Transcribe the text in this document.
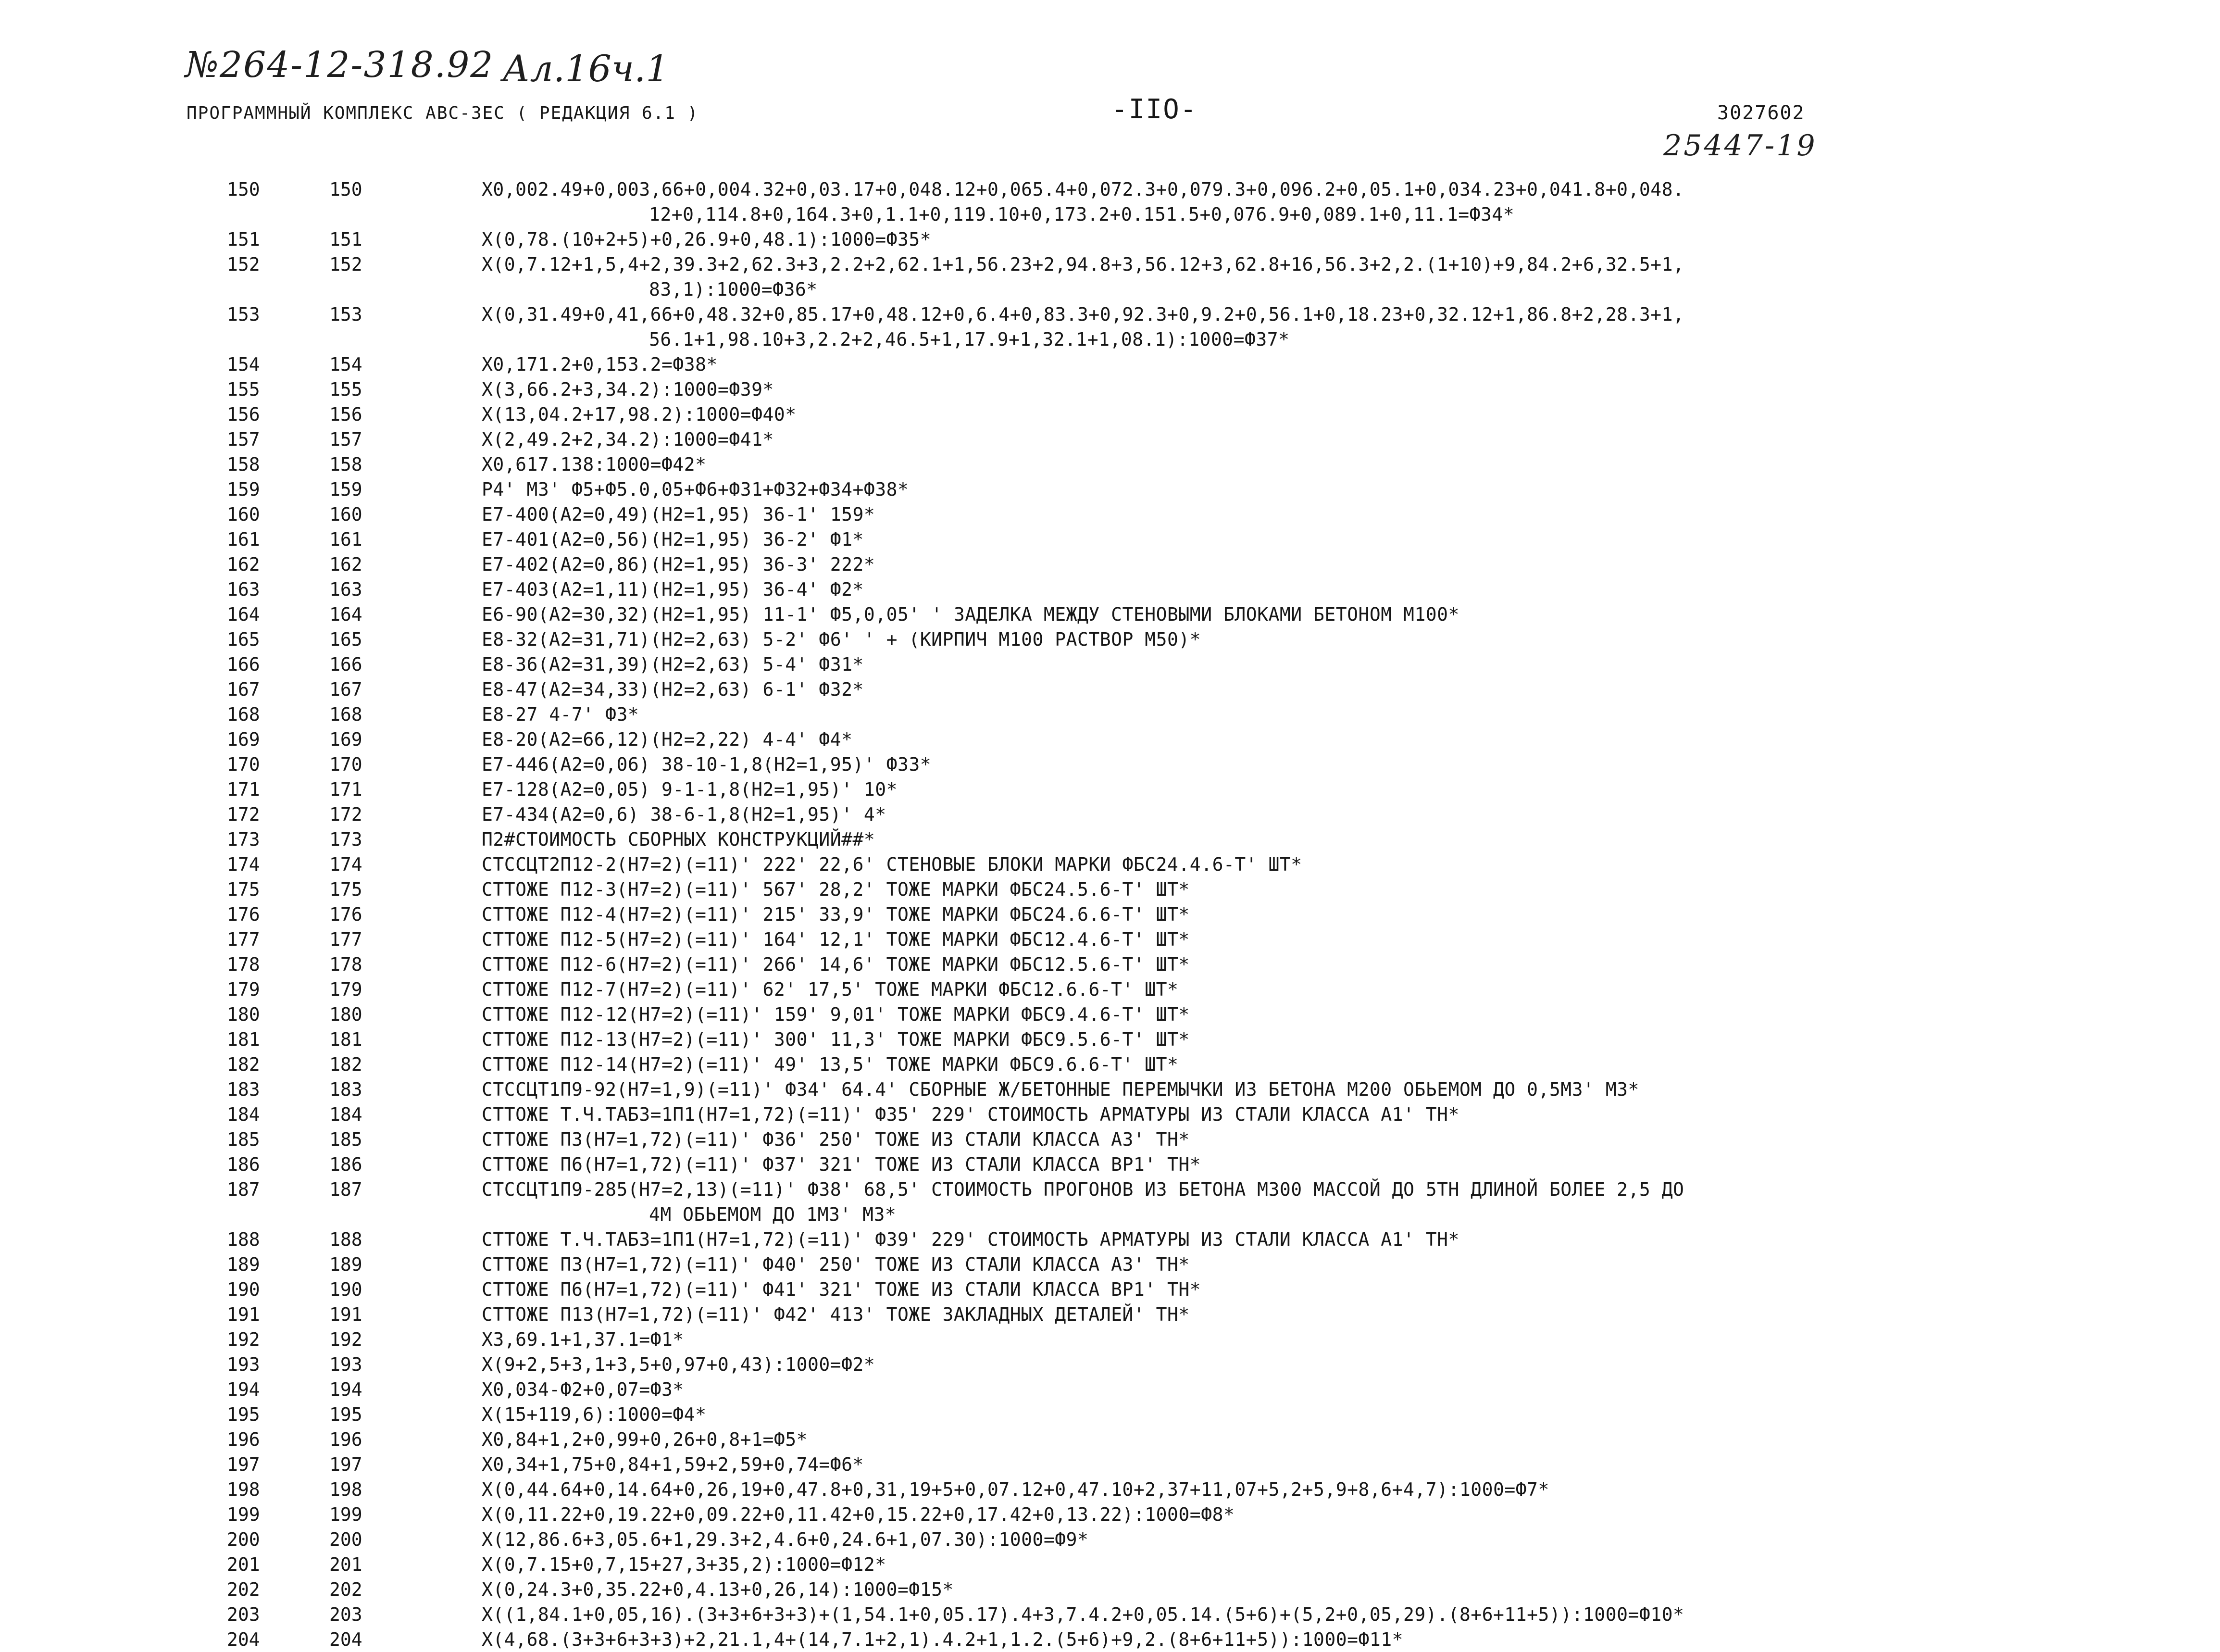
№264-12-318.92 Ал.16ч.1
25447-19
ПРОГРАММНЫЙ КОМПЛЕКС АВС-3ЕС ( РЕДАКЦИЯ 6.1 )	-IIO-	3027602
150	150	Х0,002.49+0,003,66+0,004.32+0,03.17+0,048.12+0,065.4+0,072.3+0,079.3+0,096.2+0,05.1+0,034.23+0,041.8+0,048.
12+0,114.8+0,164.3+0,1.1+0,119.10+0,173.2+0.151.5+0,076.9+0,089.1+0,11.1=Ф34*
151	151	Х(0,78.(10+2+5)+0,26.9+0,48.1):1000=Ф35*
152	152	Х(0,7.12+1,5,4+2,39.3+2,62.3+3,2.2+2,62.1+1,56.23+2,94.8+3,56.12+3,62.8+16,56.3+2,2.(1+10)+9,84.2+6,32.5+1,
83,1):1000=Ф36*
153	153	Х(0,31.49+0,41,66+0,48.32+0,85.17+0,48.12+0,6.4+0,83.3+0,92.3+0,9.2+0,56.1+0,18.23+0,32.12+1,86.8+2,28.3+1,
56.1+1,98.10+3,2.2+2,46.5+1,17.9+1,32.1+1,08.1):1000=Ф37*
154	154	Х0,171.2+0,153.2=Ф38*
155	155	Х(3,66.2+3,34.2):1000=Ф39*
156	156	Х(13,04.2+17,98.2):1000=Ф40*
157	157	Х(2,49.2+2,34.2):1000=Ф41*
158	158	Х0,617.138:1000=Ф42*
159	159	Р4' М3' Ф5+Ф5.0,05+Ф6+Ф31+Ф32+Ф34+Ф38*
160	160	Е7-400(А2=0,49)(Н2=1,95) 36-1' 159*
161	161	Е7-401(А2=0,56)(Н2=1,95) 36-2' Ф1*
162	162	Е7-402(А2=0,86)(Н2=1,95) 36-3' 222*
163	163	Е7-403(А2=1,11)(Н2=1,95) 36-4' Ф2*
164	164	Е6-90(А2=30,32)(Н2=1,95) 11-1' Ф5,0,05' ' ЗАДЕЛКА МЕЖДУ СТЕНОВЫМИ БЛОКАМИ БЕТОНОМ М100*
165	165	Е8-32(А2=31,71)(Н2=2,63) 5-2' Ф6' ' + (КИРПИЧ М100 РАСТВОР М50)*
166	166	Е8-36(А2=31,39)(Н2=2,63) 5-4' Ф31*
167	167	Е8-47(А2=34,33)(Н2=2,63) 6-1' Ф32*
168	168	Е8-27 4-7' Ф3*
169	169	Е8-20(А2=66,12)(Н2=2,22) 4-4' Ф4*
170	170	Е7-446(А2=0,06) 38-10-1,8(Н2=1,95)' Ф33*
171	171	Е7-128(А2=0,05) 9-1-1,8(Н2=1,95)' 10*
172	172	Е7-434(А2=0,6) 38-6-1,8(Н2=1,95)' 4*
173	173	П2#СТОИМОСТЬ СБОРНЫХ КОНСТРУКЦИЙ##*
174	174	СТССЦТ2П12-2(Н7=2)(=11)' 222' 22,6' СТЕНОВЫЕ БЛОКИ МАРКИ ФБС24.4.6-Т' ШТ*
175	175	СТТОЖЕ П12-3(Н7=2)(=11)' 567' 28,2' ТОЖЕ МАРКИ ФБС24.5.6-Т' ШТ*
176	176	СТТОЖЕ П12-4(Н7=2)(=11)' 215' 33,9' ТОЖЕ МАРКИ ФБС24.6.6-Т' ШТ*
177	177	СТТОЖЕ П12-5(Н7=2)(=11)' 164' 12,1' ТОЖЕ МАРКИ ФБС12.4.6-Т' ШТ*
178	178	СТТОЖЕ П12-6(Н7=2)(=11)' 266' 14,6' ТОЖЕ МАРКИ ФБС12.5.6-Т' ШТ*
179	179	СТТОЖЕ П12-7(Н7=2)(=11)' 62' 17,5' ТОЖЕ МАРКИ ФБС12.6.6-Т' ШТ*
180	180	СТТОЖЕ П12-12(Н7=2)(=11)' 159' 9,01' ТОЖЕ МАРКИ ФБС9.4.6-Т' ШТ*
181	181	СТТОЖЕ П12-13(Н7=2)(=11)' 300' 11,3' ТОЖЕ МАРКИ ФБС9.5.6-Т' ШТ*
182	182	СТТОЖЕ П12-14(Н7=2)(=11)' 49' 13,5' ТОЖЕ МАРКИ ФБС9.6.6-Т' ШТ*
183	183	СТССЦТ1П9-92(Н7=1,9)(=11)' Ф34' 64.4' СБОРНЫЕ Ж/БЕТОННЫЕ ПЕРЕМЫЧКИ ИЗ БЕТОНА М200 ОБЬЕМОМ ДО 0,5М3' М3*
184	184	СТТОЖЕ Т.Ч.ТАБ3=1П1(Н7=1,72)(=11)' Ф35' 229' СТОИМОСТЬ АРМАТУРЫ ИЗ СТАЛИ КЛАССА А1' ТН*
185	185	СТТОЖЕ П3(Н7=1,72)(=11)' Ф36' 250' ТОЖЕ ИЗ СТАЛИ КЛАССА А3' ТН*
186	186	СТТОЖЕ П6(Н7=1,72)(=11)' Ф37' 321' ТОЖЕ ИЗ СТАЛИ КЛАССА ВР1' ТН*
187	187	СТССЦТ1П9-285(Н7=2,13)(=11)' Ф38' 68,5' СТОИМОСТЬ ПРОГОНОВ ИЗ БЕТОНА М300 МАССОЙ ДО 5ТН ДЛИНОЙ БОЛЕЕ 2,5 ДО
4М ОБЬЕМОМ ДО 1М3' М3*
188	188	СТТОЖЕ Т.Ч.ТАБ3=1П1(Н7=1,72)(=11)' Ф39' 229' СТОИМОСТЬ АРМАТУРЫ ИЗ СТАЛИ КЛАССА А1' ТН*
189	189	СТТОЖЕ П3(Н7=1,72)(=11)' Ф40' 250' ТОЖЕ ИЗ СТАЛИ КЛАССА А3' ТН*
190	190	СТТОЖЕ П6(Н7=1,72)(=11)' Ф41' 321' ТОЖЕ ИЗ СТАЛИ КЛАССА ВР1' ТН*
191	191	СТТОЖЕ П13(Н7=1,72)(=11)' Ф42' 413' ТОЖЕ ЗАКЛАДНЫХ ДЕТАЛЕЙ' ТН*
192	192	Х3,69.1+1,37.1=Ф1*
193	193	Х(9+2,5+3,1+3,5+0,97+0,43):1000=Ф2*
194	194	Х0,034-Ф2+0,07=Ф3*
195	195	Х(15+119,6):1000=Ф4*
196	196	Х0,84+1,2+0,99+0,26+0,8+1=Ф5*
197	197	Х0,34+1,75+0,84+1,59+2,59+0,74=Ф6*
198	198	Х(0,44.64+0,14.64+0,26,19+0,47.8+0,31,19+5+0,07.12+0,47.10+2,37+11,07+5,2+5,9+8,6+4,7):1000=Ф7*
199	199	Х(0,11.22+0,19.22+0,09.22+0,11.42+0,15.22+0,17.42+0,13.22):1000=Ф8*
200	200	Х(12,86.6+3,05.6+1,29.3+2,4.6+0,24.6+1,07.30):1000=Ф9*
201	201	Х(0,7.15+0,7,15+27,3+35,2):1000=Ф12*
202	202	Х(0,24.3+0,35.22+0,4.13+0,26,14):1000=Ф15*
203	203	Х((1,84.1+0,05,16).(3+3+6+3+3)+(1,54.1+0,05.17).4+3,7.4.2+0,05.14.(5+6)+(5,2+0,05,29).(8+6+11+5)):1000=Ф10*
204	204	Х(4,68.(3+3+6+3+3)+2,21.1,4+(14,7.1+2,1).4.2+1,1.2.(5+6)+9,2.(8+6+11+5)):1000=Ф11*
